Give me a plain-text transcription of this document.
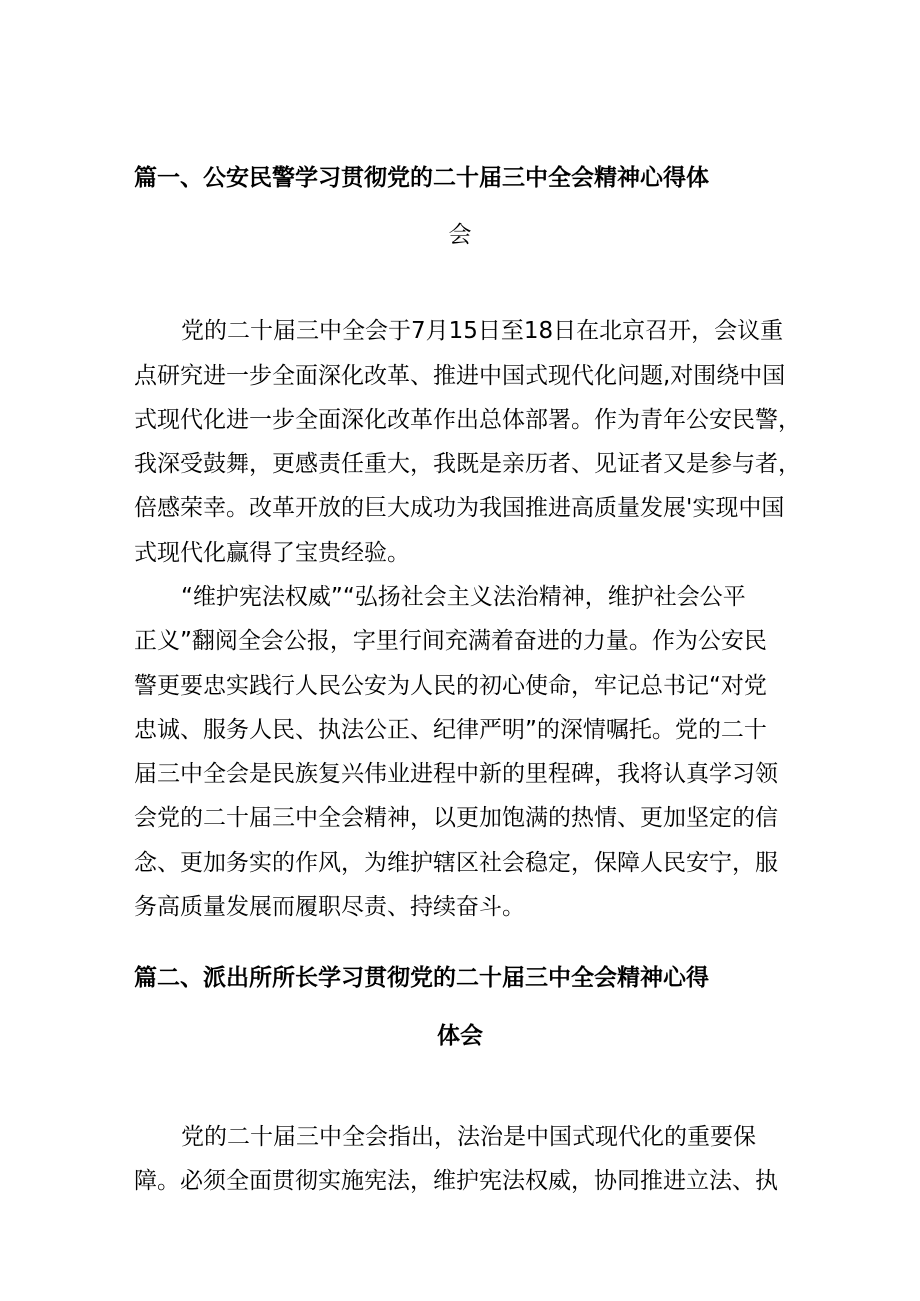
篇一、公安民警学习贯彻党的二十届三中全会精神心得体
会
党的二十届三中全会于7月15日至18日在北京召开，会议重
点研究进一步全面深化改革、推进中国式现代化问题,对围绕中国
式现代化进一步全面深化改革作出总体部署。作为青年公安民警，
我深受鼓舞，更感责任重大，我既是亲历者、见证者又是参与者，
倍感荣幸。改革开放的巨大成功为我国推进高质量发展'实现中国
式现代化赢得了宝贵经验。
“维护宪法权威”“弘扬社会主义法治精神，维护社会公平
正义”翻阅全会公报，字里行间充满着奋进的力量。作为公安民
警更要忠实践行人民公安为人民的初心使命，牢记总书记“对党
忠诚、服务人民、执法公正、纪律严明”的深情嘱托。党的二十
届三中全会是民族复兴伟业进程中新的里程碑，我将认真学习领
会党的二十届三中全会精神，以更加饱满的热情、更加坚定的信
念、更加务实的作风，为维护辖区社会稳定，保障人民安宁，服
务高质量发展而履职尽责、持续奋斗。
篇二、派出所所长学习贯彻党的二十届三中全会精神心得
体会
党的二十届三中全会指出，法治是中国式现代化的重要保
障。必须全面贯彻实施宪法，维护宪法权威，协同推进立法、执
